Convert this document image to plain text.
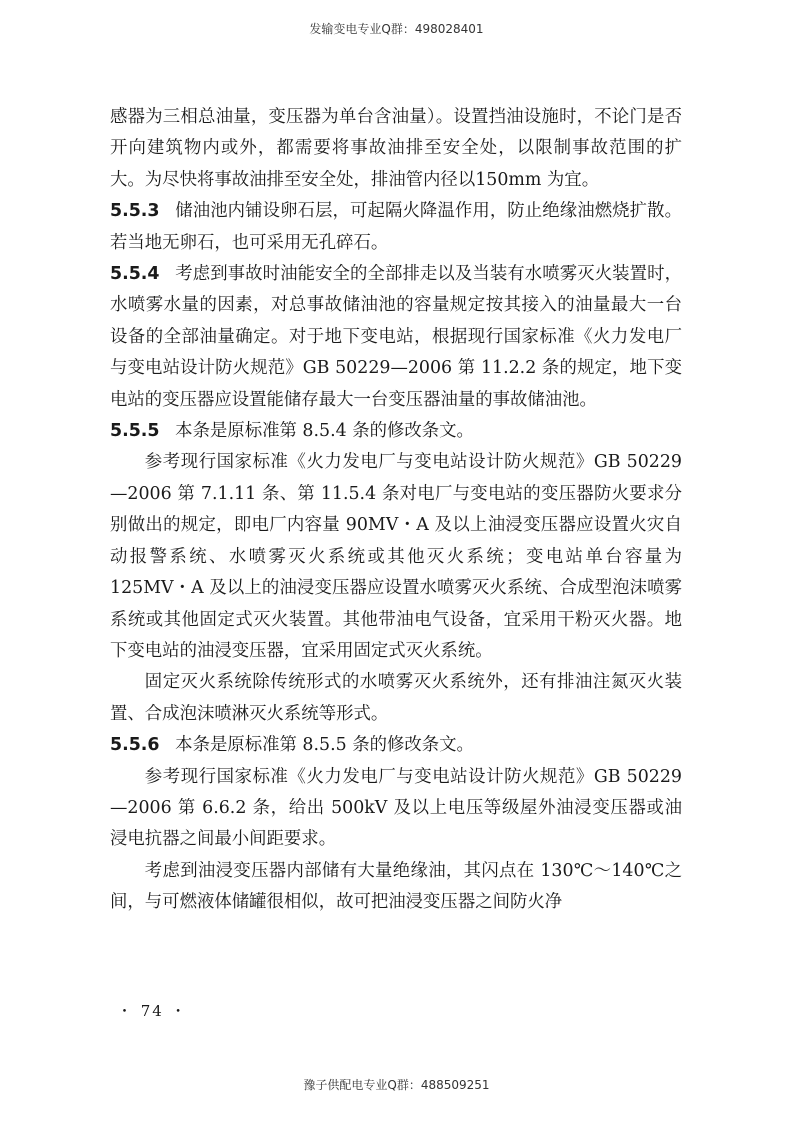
发输变电专业Q群：498028401

感器为三相总油量，变压器为单台含油量）。设置挡油设施时，不论门是否开向建筑物内或外，都需要将事故油排至安全处，以限制事故范围的扩大。为尽快将事故油排至安全处，排油管内径以150mm 为宜。

5.5.3 储油池内铺设卵石层，可起隔火降温作用，防止绝缘油燃烧扩散。若当地无卵石，也可采用无孔碎石。

5.5.4 考虑到事故时油能安全的全部排走以及当装有水喷雾灭火装置时，水喷雾水量的因素，对总事故储油池的容量规定按其接入的油量最大一台设备的全部油量确定。对于地下变电站，根据现行国家标准《火力发电厂与变电站设计防火规范》GB 50229—2006 第 11.2.2 条的规定，地下变电站的变压器应设置能储存最大一台变压器油量的事故储油池。

5.5.5 本条是原标准第 8.5.4 条的修改条文。

参考现行国家标准《火力发电厂与变电站设计防火规范》GB 50229—2006 第 7.1.11 条、第 11.5.4 条对电厂与变电站的变压器防火要求分别做出的规定，即电厂内容量 90MV・A 及以上油浸变压器应设置火灾自动报警系统、水喷雾灭火系统或其他灭火系统；变电站单台容量为 125MV・A 及以上的油浸变压器应设置水喷雾灭火系统、合成型泡沫喷雾系统或其他固定式灭火装置。其他带油电气设备，宜采用干粉灭火器。地下变电站的油浸变压器，宜采用固定式灭火系统。

固定灭火系统除传统形式的水喷雾灭火系统外，还有排油注氮灭火装置、合成泡沫喷淋灭火系统等形式。

5.5.6 本条是原标准第 8.5.5 条的修改条文。

参考现行国家标准《火力发电厂与变电站设计防火规范》GB 50229—2006 第 6.6.2 条，给出 500kV 及以上电压等级屋外油浸变压器或油浸电抗器之间最小间距要求。

考虑到油浸变压器内部储有大量绝缘油，其闪点在 130℃～140℃之间，与可燃液体储罐很相似，故可把油浸变压器之间防火净

・ 74 ・
豫子供配电专业Q群：488509251
